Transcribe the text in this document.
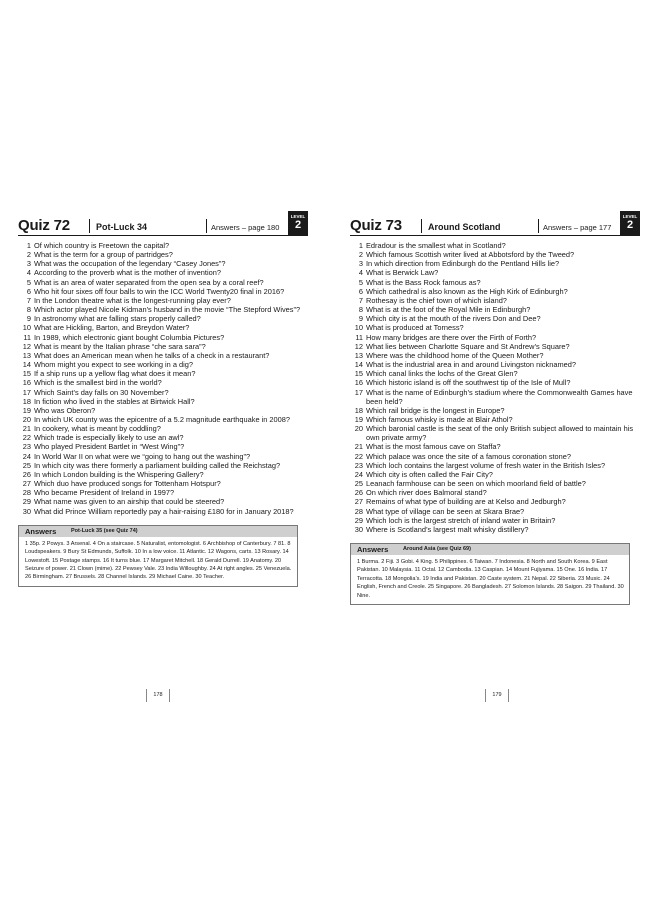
Quiz 72	Pot-Luck 34	Answers – page 180
LEVEL
2
1 Of which country is Freetown the capital?
2 What is the term for a group of partridges?
3 What was the occupation of the legendary “Casey Jones”?
4 According to the proverb what is the mother of invention?
5 What is an area of water separated from the open sea by a coral reef?
6 Who hit four sixes off four balls to win the ICC World Twenty20 final in 2016?
7 In the London theatre what is the longest-running play ever?
8 Which actor played Nicole Kidman’s husband in the movie “The Stepford Wives”?
9 In astronomy what are falling stars properly called?
10 What are Hickling, Barton, and Breydon Water?
11 In 1989, which electronic giant bought Columbia Pictures?
12 What is meant by the Italian phrase “che sara sara”?
13 What does an American mean when he talks of a check in a restaurant?
14 Whom might you expect to see working in a dig?
15 If a ship runs up a yellow flag what does it mean?
16 Which is the smallest bird in the world?
17 Which Saint’s day falls on 30 November?
18 In fiction who lived in the stables at Birtwick Hall?
19 Who was Oberon?
20 In which UK county was the epicentre of a 5.2 magnitude earthquake in 2008?
21 In cookery, what is meant by coddling?
22 Which trade is especially likely to use an awl?
23 Who played President Bartlet in “West Wing”?
24 In World War II on what were we “going to hang out the washing”?
25 In which city was there formerly a parliament building called the Reichstag?
26 In which London building is the Whispering Gallery?
27 Which duo have produced songs for Tottenham Hotspur?
28 Who became President of Ireland in 1997?
29 What name was given to an airship that could be steered?
30 What did Prince William reportedly pay a hair-raising £180 for in January 2018?
Answers	Pot-Luck 35 (see Quiz 74)
1 35p. 2 Powys. 3 Arsenal. 4 On a staircase. 5 Naturalist, entomologist. 6 Archbishop of Canterbury. 7 81. 8 Loudspeakers. 9 Bury St Edmunds, Suffolk. 10 In a low voice. 11 Atlantic. 12 Wagons, carts. 13 Rosary. 14 Lowestoft. 15 Postage stamps. 16 It turns blue. 17 Margaret Mitchell. 18 Gerald Durrell. 19 Anatomy. 20 Seizure of power. 21 Clown (mime). 22 Pewsey Vale. 23 India Willoughby. 24 At right angles. 25 Venezuela. 26 Birmingham. 27 Brussels. 28 Channel Islands. 29 Michael Caine. 30 Teacher.
Quiz 73	Around Scotland	Answers – page 177
LEVEL
2
1 Edradour is the smallest what in Scotland?
2 Which famous Scottish writer lived at Abbotsford by the Tweed?
3 In which direction from Edinburgh do the Pentland Hills lie?
4 What is Berwick Law?
5 What is the Bass Rock famous as?
6 Which cathedral is also known as the High Kirk of Edinburgh?
7 Rothesay is the chief town of which island?
8 What is at the foot of the Royal Mile in Edinburgh?
9 Which city is at the mouth of the rivers Don and Dee?
10 What is produced at Torness?
11 How many bridges are there over the Firth of Forth?
12 What lies between Charlotte Square and St Andrew’s Square?
13 Where was the childhood home of the Queen Mother?
14 What is the industrial area in and around Livingston nicknamed?
15 Which canal links the lochs of the Great Glen?
16 Which historic island is off the southwest tip of the Isle of Mull?
17 What is the name of Edinburgh’s stadium where the Commonwealth Games have been held?
18 Which rail bridge is the longest in Europe?
19 Which famous whisky is made at Blair Athol?
20 Which baronial castle is the seat of the only British subject allowed to maintain his own private army?
21 What is the most famous cave on Staffa?
22 Which palace was once the site of a famous coronation stone?
23 Which loch contains the largest volume of fresh water in the British Isles?
24 Which city is often called the Fair City?
25 Leanach farmhouse can be seen on which moorland field of battle?
26 On which river does Balmoral stand?
27 Remains of what type of building are at Kelso and Jedburgh?
28 What type of village can be seen at Skara Brae?
29 Which loch is the largest stretch of inland water in Britain?
30 Where is Scotland’s largest malt whisky distillery?
Answers	Around Asia (see Quiz 69)
1 Burma. 2 Fiji. 3 Gobi. 4 King. 5 Philippines. 6 Taiwan. 7 Indonesia. 8 North and South Korea. 9 East Pakistan. 10 Malaysia. 11 Octal. 12 Cambodia. 13 Caspian. 14 Mount Fujiyama. 15 One. 16 India. 17 Terracotta. 18 Mongolia’s. 19 India and Pakistan. 20 Caste system. 21 Nepal. 22 Siberia. 23 Music. 24 English, French and Creole. 25 Singapore. 26 Bangladesh. 27 Solomon Islands. 28 Saigon. 29 Thailand. 30 Nine.
178	179
